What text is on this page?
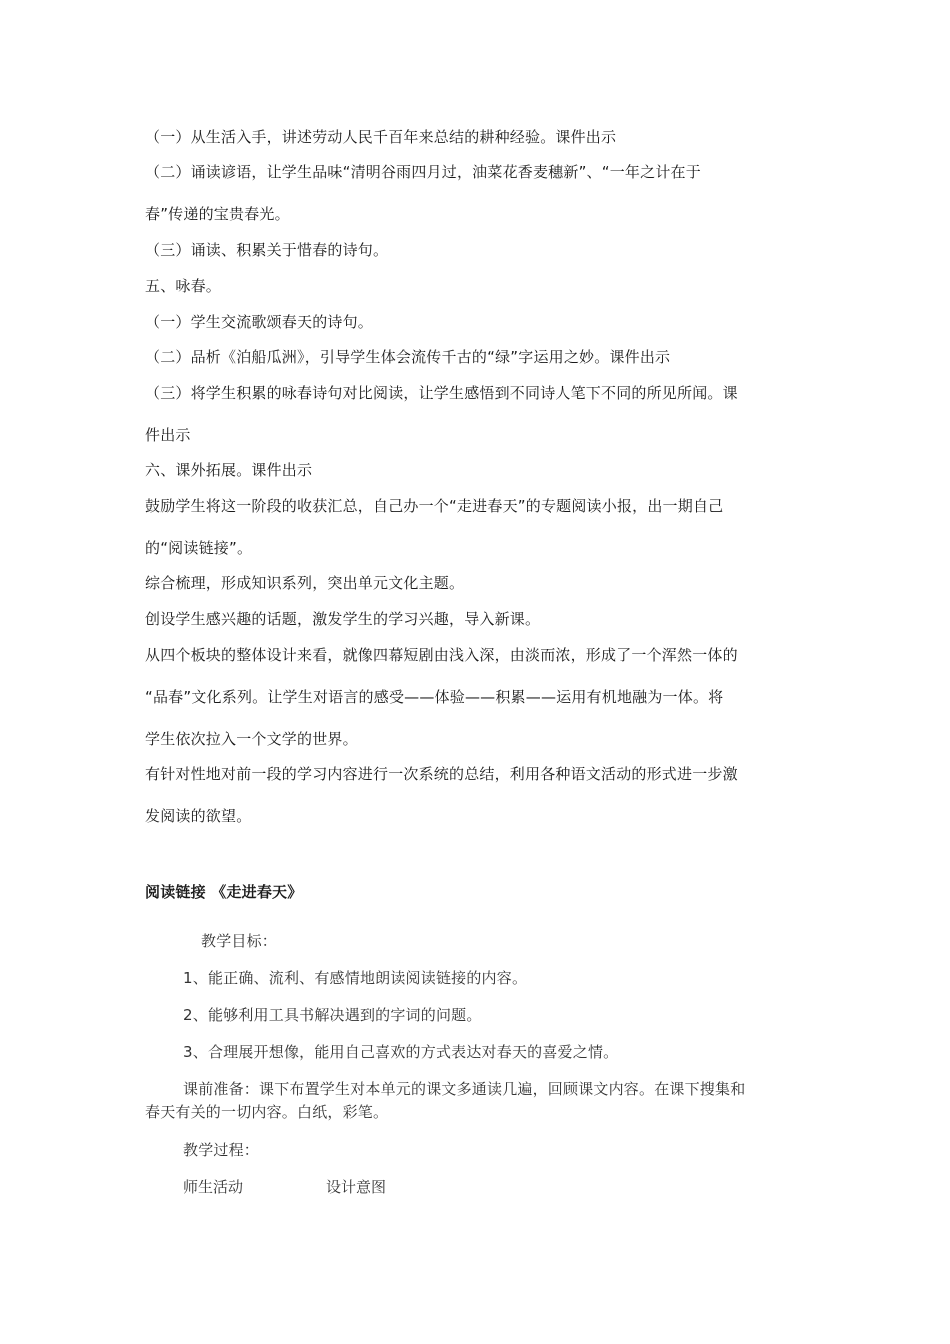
（一）从生活入手，讲述劳动人民千百年来总结的耕种经验。课件出示
（二）诵读谚语，让学生品味“清明谷雨四月过，油菜花香麦穗新”、“一年之计在于
春”传递的宝贵春光。
（三）诵读、积累关于惜春的诗句。
五、咏春。
（一）学生交流歌颂春天的诗句。
（二）品析《泊船瓜洲》，引导学生体会流传千古的“绿”字运用之妙。课件出示
（三）将学生积累的咏春诗句对比阅读，让学生感悟到不同诗人笔下不同的所见所闻。课
件出示
六、课外拓展。课件出示
鼓励学生将这一阶段的收获汇总，自己办一个“走进春天”的专题阅读小报，出一期自己
的“阅读链接”。
综合梳理，形成知识系列，突出单元文化主题。
创设学生感兴趣的话题，激发学生的学习兴趣，导入新课。
从四个板块的整体设计来看，就像四幕短剧由浅入深，由淡而浓，形成了一个浑然一体的
“品春”文化系列。让学生对语言的感受——体验——积累——运用有机地融为一体。将
学生依次拉入一个文学的世界。
有针对性地对前一段的学习内容进行一次系统的总结，利用各种语文活动的形式进一步激
发阅读的欲望。
阅读链接 《走进春天》
教学目标：
1、能正确、流利、有感情地朗读阅读链接的内容。
2、能够利用工具书解决遇到的字词的问题。
3、合理展开想像，能用自己喜欢的方式表达对春天的喜爱之情。
课前准备：课下布置学生对本单元的课文多通读几遍，回顾课文内容。在课下搜集和
春天有关的一切内容。白纸，彩笔。
教学过程：
师生活动	设计意图
